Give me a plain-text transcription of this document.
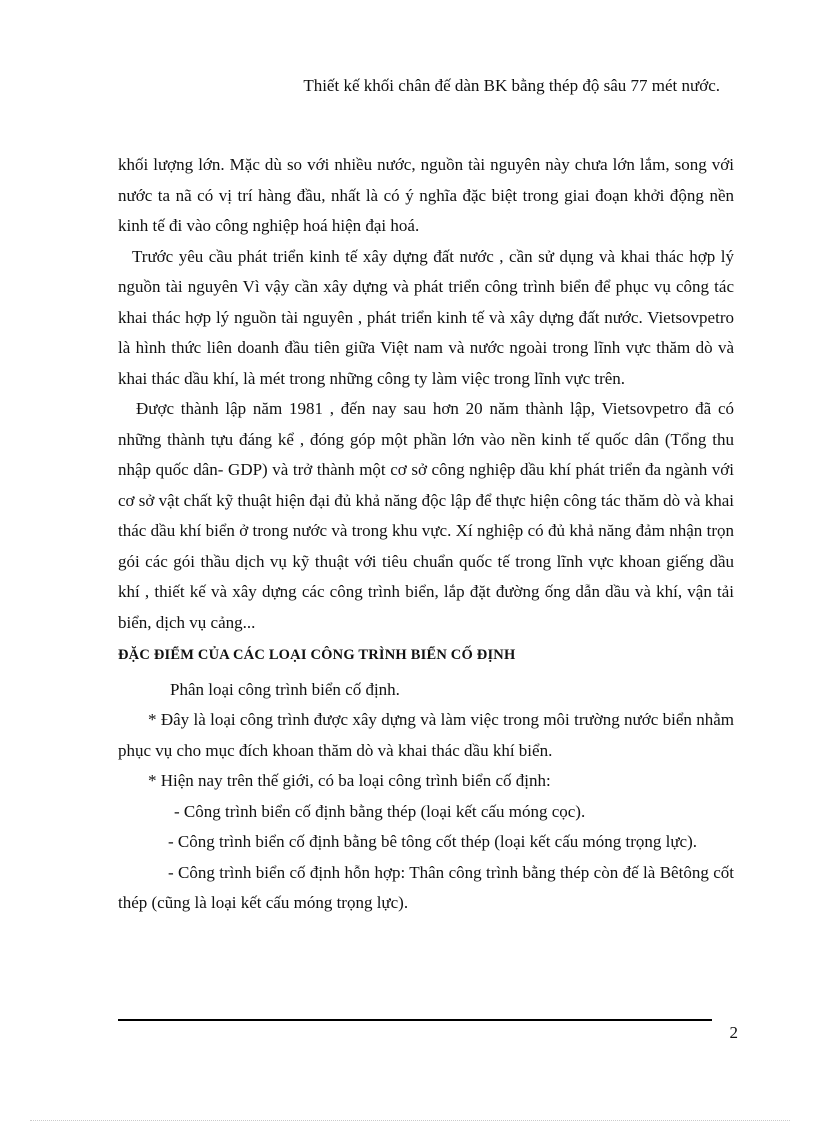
Thiết kế khối chân đế dàn BK bằng thép độ sâu 77 mét nước.

khối lượng lớn. Mặc dù so với nhiều nước, nguồn tài nguyên này chưa lớn lắm, song với nước ta nã có vị trí hàng đầu, nhất là có ý nghĩa đặc biệt trong giai đoạn khởi động nền kinh tế đi vào công nghiệp hoá hiện đại hoá.

Trước yêu cầu phát triển kinh tế xây dựng đất nước , cần sử dụng và khai thác hợp lý nguồn tài nguyên Vì vậy cần xây dựng và phát triển công trình biển để phục vụ công tác khai thác hợp lý nguồn tài nguyên , phát triển kinh tế và xây dựng đất nước. Vietsovpetro là hình thức liên doanh đầu tiên giữa Việt nam và nước ngoài trong lĩnh vực thăm dò và khai thác dầu khí, là mét trong những công ty làm việc trong lĩnh vực trên.

Được thành lập năm 1981 , đến nay sau hơn 20 năm thành lập, Vietsovpetro đã có những thành tựu đáng kể , đóng góp một phần lớn vào nền kinh tế quốc dân (Tổng thu nhập quốc dân- GDP) và trở thành một cơ sở công nghiệp dầu khí phát triển đa ngành với cơ sở vật chất kỹ thuật hiện đại đủ khả năng độc lập để thực hiện công tác thăm dò và khai thác dầu khí biển ở trong nước và trong khu vực. Xí nghiệp có đủ khả năng đảm nhận trọn gói các gói thầu dịch vụ kỹ thuật với tiêu chuẩn quốc tế trong lĩnh vực khoan giếng dầu khí , thiết kế và xây dựng các công trình biển, lắp đặt đường ống dẫn dầu và khí, vận tải biển, dịch vụ cảng...

ĐẶC ĐIỂM CỦA CÁC LOẠI CÔNG TRÌNH BIỂN CỐ ĐỊNH

Phân loại công trình biển cố định.

* Đây là loại công trình được xây dựng và làm việc trong môi trường nước biển nhằm phục vụ cho mục đích khoan thăm dò và khai thác dầu khí biển.

* Hiện nay trên thế giới, có ba loại công trình biển cố định:

- Công trình biển cố định bằng thép (loại kết cấu móng cọc).

- Công trình biển cố định bằng bê tông cốt thép (loại kết cấu móng trọng lực).

- Công trình biển cố định hỗn hợp: Thân công trình bằng thép còn đế là Bêtông cốt thép (cũng là loại kết cấu móng trọng lực).

2
